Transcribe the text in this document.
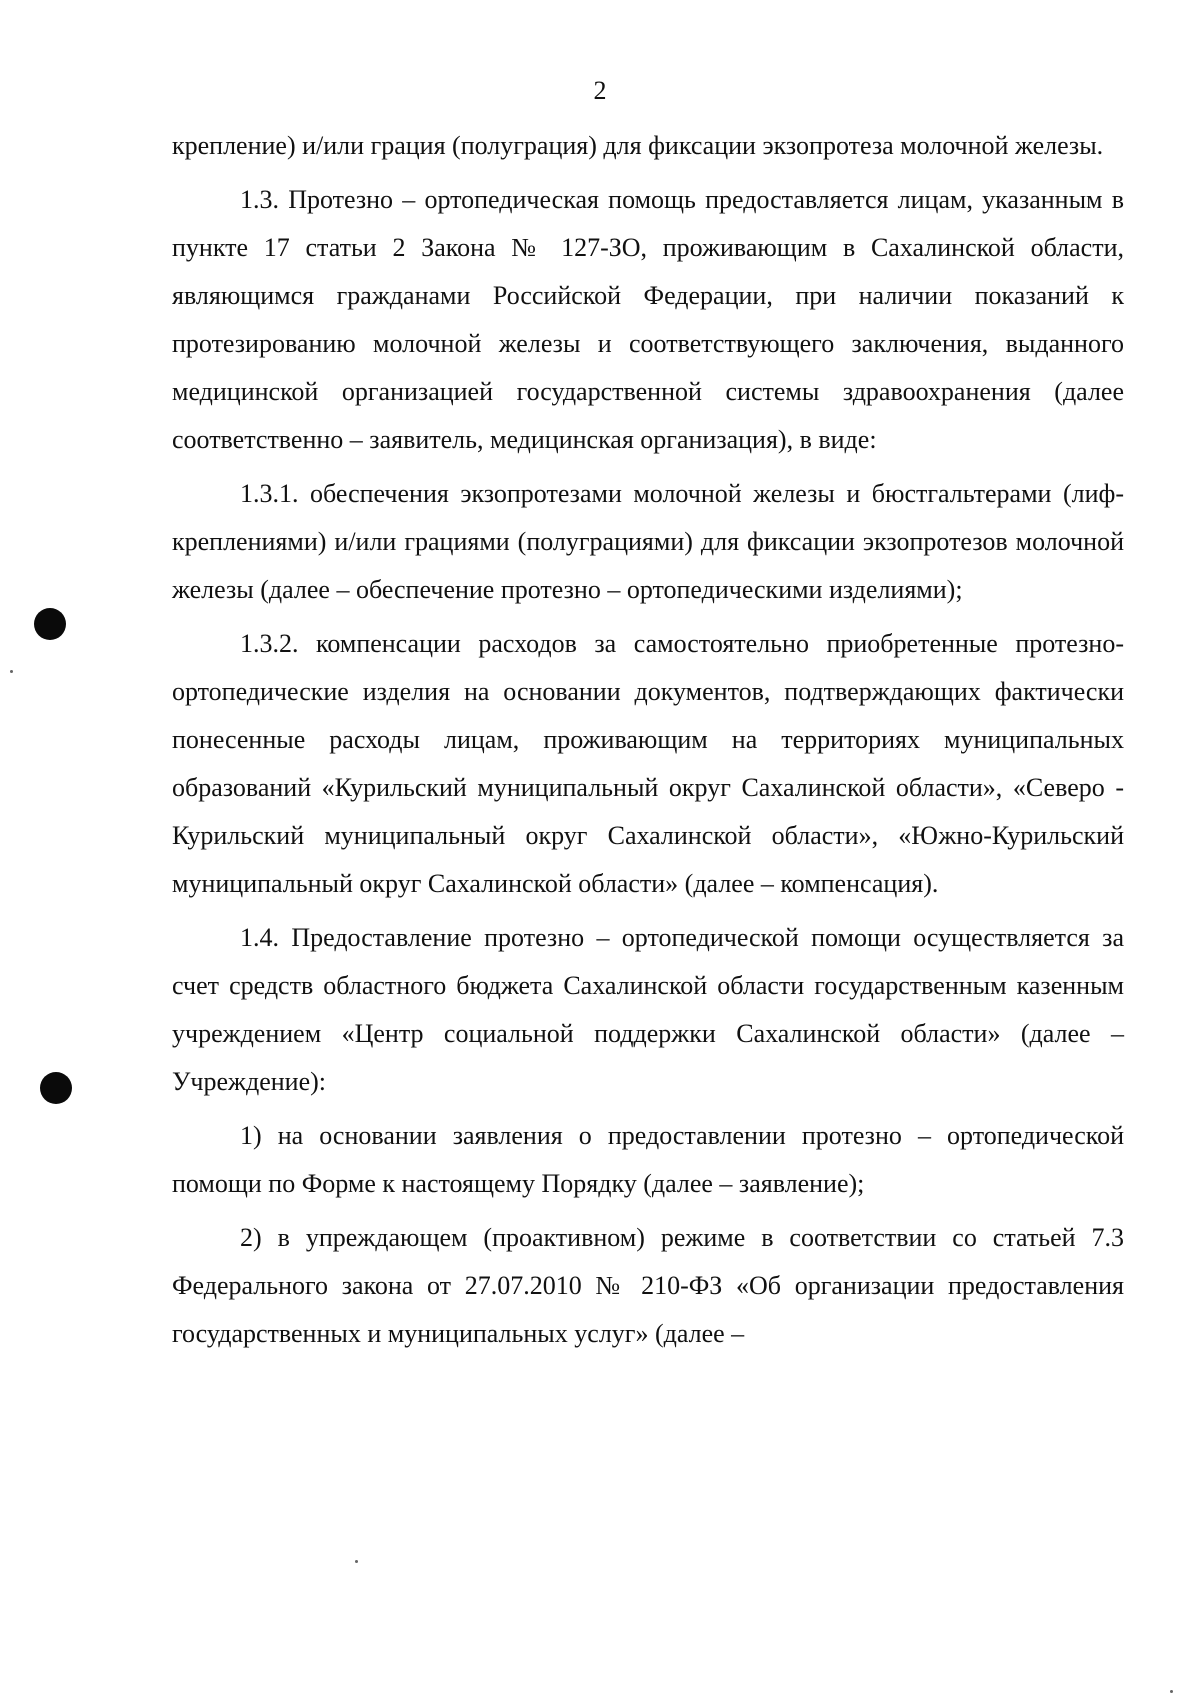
2

крепление) и/или грация (полуграция) для фиксации экзопротеза молочной железы.

1.3. Протезно – ортопедическая помощь предоставляется лицам, указанным в пункте 17 статьи 2 Закона № 127-ЗО, проживающим в Сахалинской области, являющимся гражданами Российской Федерации, при наличии показаний к протезированию молочной железы и соответствующего заключения, выданного медицинской организацией государственной системы здравоохранения (далее соответственно – заявитель, медицинская организация), в виде:

1.3.1. обеспечения экзопротезами молочной железы и бюстгальтерами (лиф-креплениями) и/или грациями (полуграциями) для фиксации экзопротезов молочной железы (далее – обеспечение протезно – ортопедическими изделиями);

1.3.2. компенсации расходов за самостоятельно приобретенные протезно-ортопедические изделия на основании документов, подтверждающих фактически понесенные расходы лицам, проживающим на территориях муниципальных образований «Курильский муниципальный округ Сахалинской области», «Северо - Курильский муниципальный округ Сахалинской области», «Южно-Курильский муниципальный округ Сахалинской области» (далее – компенсация).

1.4. Предоставление протезно – ортопедической помощи осуществляется за счет средств областного бюджета Сахалинской области государственным казенным учреждением «Центр социальной поддержки Сахалинской области» (далее – Учреждение):

1) на основании заявления о предоставлении протезно – ортопедической помощи по Форме к настоящему Порядку (далее – заявление);

2) в упреждающем (проактивном) режиме в соответствии со статьей 7.3 Федерального закона от 27.07.2010 № 210-ФЗ «Об организации предоставления государственных и муниципальных услуг» (далее –
